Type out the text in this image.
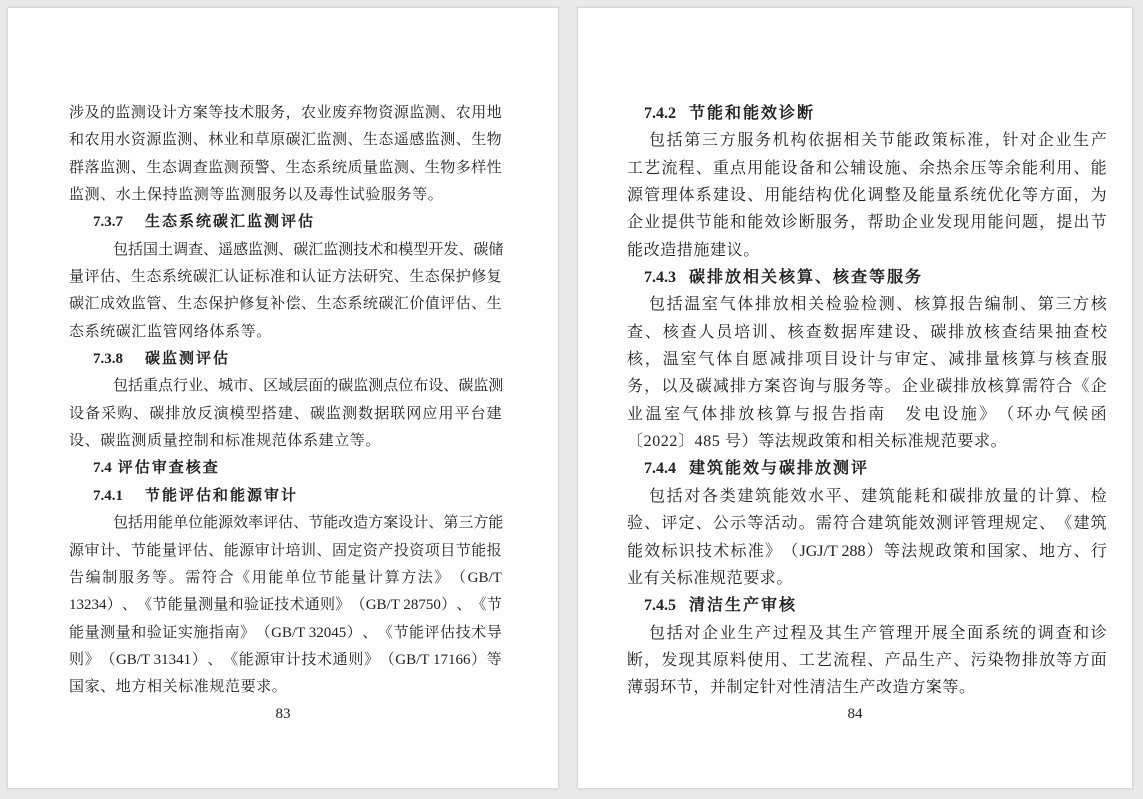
涉 及 的 监 测 设 计 方 案 等 技 术 服 务 ， 农 业 废 弃 物 资 源 监 测 、 农 用 地
和 农 用 水 资 源 监 测 、 林 业 和 草 原 碳 汇 监 测 、 生 态 遥 感 监 测 、 生 物
群 落 监 测 、 生 态 调 查 监 测 预 警 、 生 态 系 统 质 量 监 测 、 生 物 多 样 性
监测、水土保持监测等监测服务以及毒性试验服务等。
7.3.7 生态系统碳汇监测评估
包 括 国 土 调 查 、 遥 感 监 测 、 碳 汇 监 测 技 术 和 模 型 开 发 、 碳 储
量 评 估 、 生 态 系 统 碳 汇 认 证 标 准 和 认 证 方 法 研 究 、 生 态 保 护 修 复
碳 汇 成 效 监 管 、 生 态 保 护 修 复 补 偿 、 生 态 系 统 碳 汇 价 值 评 估 、 生
态系统碳汇监管网络体系等。
7.3.8 碳监测评估
包 括 重 点 行 业 、 城 市 、 区 域 层 面 的 碳 监 测 点 位 布 设 、 碳 监 测
设 备 采 购 、 碳 排 放 反 演 模 型 搭 建 、 碳 监 测 数 据 联 网 应 用 平 台 建
设、碳监测质量控制和标准规范体系建立等。
7.4 评估审查核查
7.4.1 节能评估和能源审计
包 括 用 能 单 位 能 源 效 率 评 估 、 节 能 改 造 方 案 设 计 、 第 三 方 能
源 审 计 、 节 能 量 评 估 、 能 源 审 计 培 训 、 固 定 资 产 投 资 项 目 节 能 报
告 编 制 服 务 等 。 需 符 合 《 用 能 单 位 节 能 量 计 算 方 法 》 （ GB/T
13234 ） 、 《 节 能 量 测 量 和 验 证 技 术 通 则 》 （ GB/T 28750 ） 、 《 节
能 量 测 量 和 验 证 实 施 指 南 》 （ GB/T 32045 ） 、 《 节 能 评 估 技 术 导
则 》 （ GB/T 31341 ） 、 《 能 源 审 计 技 术 通 则 》 （ GB/T 17166 ） 等
国家、地方相关标准规范要求。
83
7.4.2 节能和能效诊断
包 括 第 三 方 服 务 机 构 依 据 相 关 节 能 政 策 标 准 ， 针 对 企 业 生 产
工 艺 流 程 、 重 点 用 能 设 备 和 公 辅 设 施 、 余 热 余 压 等 余 能 利 用 、 能
源 管 理 体 系 建 设 、 用 能 结 构 优 化 调 整 及 能 量 系 统 优 化 等 方 面 ， 为
企 业 提 供 节 能 和 能 效 诊 断 服 务 ， 帮 助 企 业 发 现 用 能 问 题 ， 提 出 节
能改造措施建议。
7.4.3 碳排放相关核算、核查等服务
包 括 温 室 气 体 排 放 相 关 检 验 检 测 、 核 算 报 告 编 制 、 第 三 方 核
查 、 核 查 人 员 培 训 、 核 查 数 据 库 建 设 、 碳 排 放 核 查 结 果 抽 查 校
核 ， 温 室 气 体 自 愿 减 排 项 目 设 计 与 审 定 、 减 排 量 核 算 与 核 查 服
务 ， 以 及 碳 减 排 方 案 咨 询 与 服 务 等 。 企 业 碳 排 放 核 算 需 符 合 《 企
业 温 室 气 体 排 放 核 算 与 报 告 指 南
　 发 电 设 施 》 （ 环 办 气 候 函
〔2022〕485 号）等法规政策和相关标准规范要求。
7.4.4 建筑能效与碳排放测评
包 括 对 各 类 建 筑 能 效 水 平 、 建 筑 能 耗 和 碳 排 放 量 的 计 算 、 检
验 、 评 定 、 公 示 等 活 动 。 需 符 合 建 筑 能 效 测 评 管 理 规 定 、 《 建 筑
能 效 标 识 技 术 标 准 》 （ JGJ/T 288 ） 等 法 规 政 策 和 国 家 、 地 方 、 行
业有关标准规范要求。
7.4.5 清洁生产审核
包 括 对 企 业 生 产 过 程 及 其 生 产 管 理 开 展 全 面 系 统 的 调 查 和 诊
断 ， 发 现 其 原 料 使 用 、 工 艺 流 程 、 产 品 生 产 、 污 染 物 排 放 等 方 面
薄弱环节，并制定针对性清洁生产改造方案等。
84
